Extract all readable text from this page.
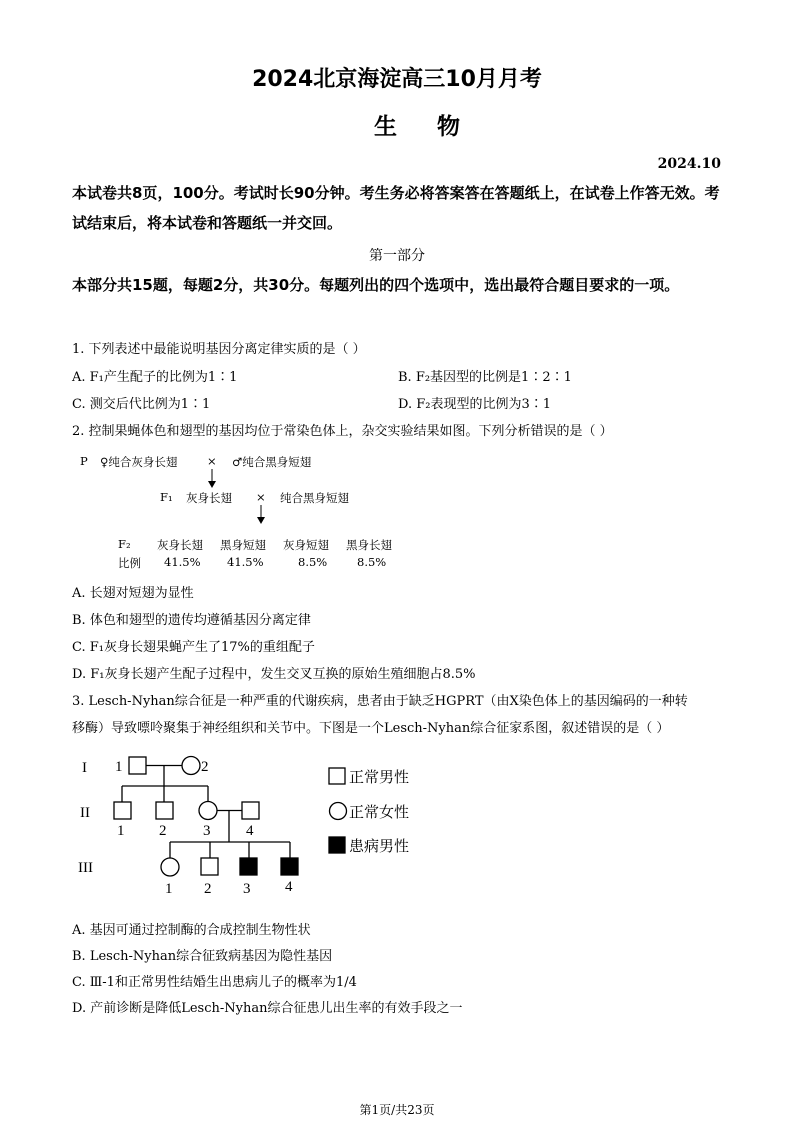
2024北京海淀高三10月月考
生物
2024.10
本试卷共8页，100分。考试时长90分钟。考生务必将答案答在答题纸上，在试卷上作答无效。考试结束后，将本试卷和答题纸一并交回。
第一部分
本部分共15题，每题2分，共30分。每题列出的四个选项中，选出最符合题目要求的一项。
1. 下列表述中最能说明基因分离定律实质的是（ ）
A. F₁产生配子的比例为1∶1	B. F₂基因型的比例是1∶2∶1
C. 测交后代比例为1∶1	D. F₂表现型的比例为3∶1
2. 控制果蝇体色和翅型的基因均位于常染色体上，杂交实验结果如图。下列分析错误的是（ ）
P ♀纯合灰身长翅	× ♂纯合黑身短翅
F₁ 灰身长翅 × 纯合黑身短翅
F₂ 灰身长翅 黑身短翅 灰身短翅 黑身长翅
比例 41.5% 41.5%	8.5%	8.5%
A. 长翅对短翅为显性
B. 体色和翅型的遗传均遵循基因分离定律
C. F₁灰身长翅果蝇产生了17%的重组配子
D. F₁灰身长翅产生配子过程中，发生交叉互换的原始生殖细胞占8.5%
3. Lesch-Nyhan综合征是一种严重的代谢疾病，患者由于缺乏HGPRT（由X染色体上的基因编码的一种转
移酶）导致嘌呤聚集于神经组织和关节中。下图是一个Lesch-Nyhan综合征家系图，叙述错误的是（ ）
I
II
III
1	2
1 2 3 4
1 2 3 4
正常男性
正常女性
患病男性
A. 基因可通过控制酶的合成控制生物性状
B. Lesch-Nyhan综合征致病基因为隐性基因
C. Ⅲ-1和正常男性结婚生出患病儿子的概率为1/4
D. 产前诊断是降低Lesch-Nyhan综合征患儿出生率的有效手段之一
第1页/共23页
